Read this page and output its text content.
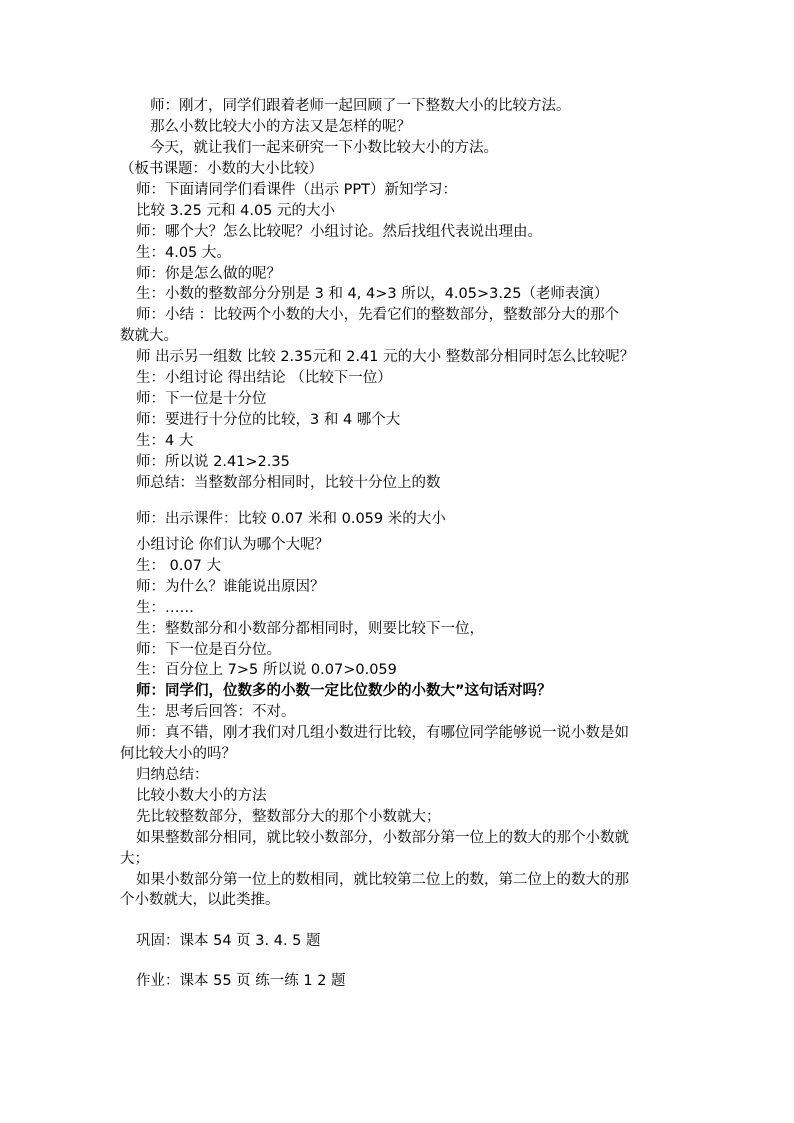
师：刚才，同学们跟着老师一起回顾了一下整数大小的比较方法。
那么小数比较大小的方法又是怎样的呢？
今天，就让我们一起来研究一下小数比较大小的方法。
（板书课题：小数的大小比较）
师：下面请同学们看课件（出示 PPT）新知学习：
比较 3.25 元和 4.05 元的大小
师：哪个大？怎么比较呢？小组讨论。然后找组代表说出理由。
生：4.05 大。
师：你是怎么做的呢？
生：小数的整数部分分别是 3 和 4, 4>3 所以，4.05>3.25（老师表演）
师：小结 ：比较两个小数的大小，先看它们的整数部分，整数部分大的那个
数就大。
师 出示另一组数 比较 2.35元和 2.41 元的大小 整数部分相同时怎么比较呢？
生：小组讨论 得出结论 （比较下一位）
师：下一位是十分位
师：要进行十分位的比较，3 和 4 哪个大
生：4 大
师：所以说 2.41>2.35
师总结：当整数部分相同时，比较十分位上的数
师：出示课件：比较 0.07 米和 0.059 米的大小
小组讨论 你们认为哪个大呢？
生： 0.07 大
师：为什么？谁能说出原因？
生：……
生：整数部分和小数部分都相同时，则要比较下一位，
师：下一位是百分位。
生：百分位上 7>5 所以说 0.07>0.059
师：同学们，位数多的小数一定比位数少的小数大”这句话对吗？
生：思考后回答：不对。
师：真不错，刚才我们对几组小数进行比较，有哪位同学能够说一说小数是如
何比较大小的吗？
归纳总结：
比较小数大小的方法
先比较整数部分，整数部分大的那个小数就大；
如果整数部分相同，就比较小数部分，小数部分第一位上的数大的那个小数就
大；
如果小数部分第一位上的数相同，就比较第二位上的数，第二位上的数大的那
个小数就大，以此类推。
巩固：课本 54 页 3. 4. 5 题
作业：课本 55 页 练一练 1 2 题
